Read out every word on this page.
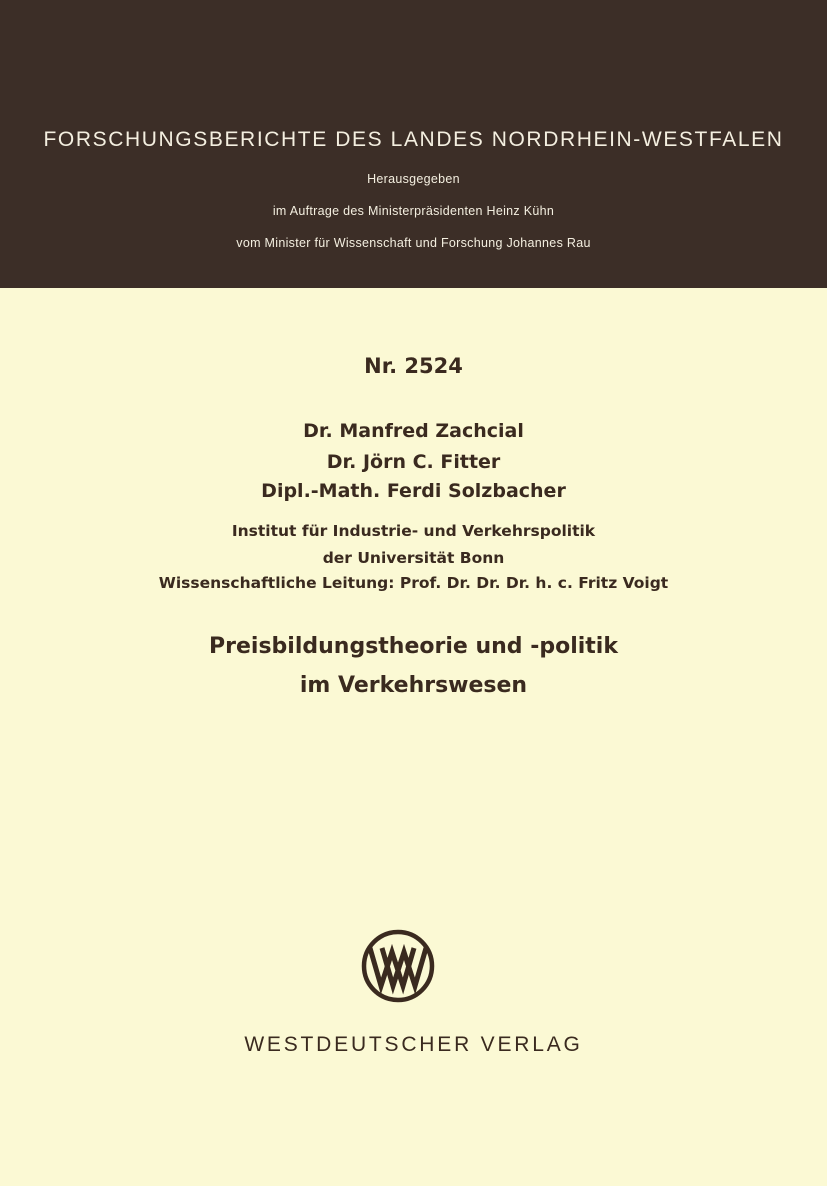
FORSCHUNGSBERICHTE DES LANDES NORDRHEIN-WESTFALEN
Herausgegeben
im Auftrage des Ministerpräsidenten Heinz Kühn
vom Minister für Wissenschaft und Forschung Johannes Rau
Nr. 2524
Dr. Manfred Zachcial
Dr. Jörn C. Fitter
Dipl.-Math. Ferdi Solzbacher
Institut für Industrie- und Verkehrspolitik
der Universität Bonn
Wissenschaftliche Leitung: Prof. Dr. Dr. Dr. h. c. Fritz Voigt
Preisbildungstheorie und -politik
im Verkehrswesen
WESTDEUTSCHER VERLAG
